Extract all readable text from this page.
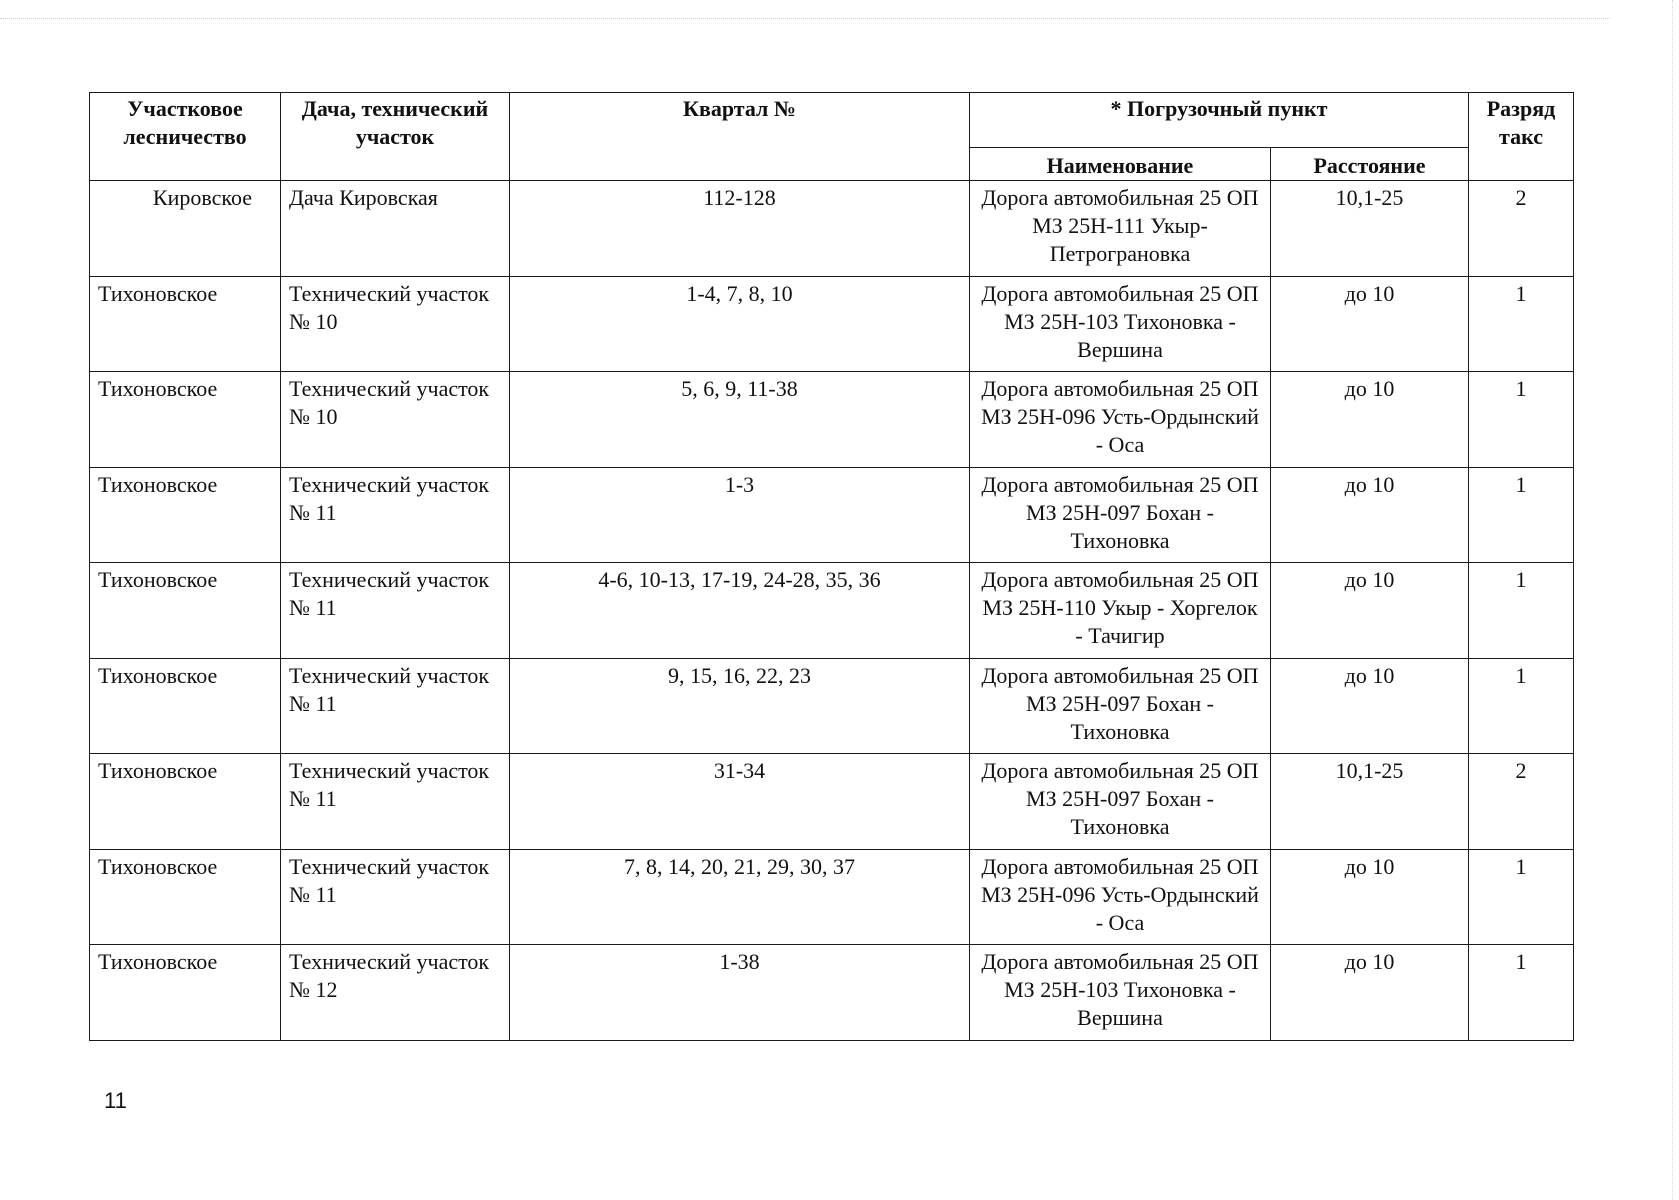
Участковое лесничество	Дача, технический участок	Квартал №	* Погрузочный пункт		Разряд такс
			Наименование	Расстояние	
Кировское	Дача Кировская	112-128	Дорога автомобильная 25 ОП МЗ 25Н-111 Укыр-Петрограновка	10,1-25	2
Тихоновское	Технический участок № 10	1-4, 7, 8, 10	Дорога автомобильная 25 ОП МЗ 25Н-103 Тихоновка - Вершина	до 10	1
Тихоновское	Технический участок № 10	5, 6, 9, 11-38	Дорога автомобильная 25 ОП МЗ 25Н-096 Усть-Ордынский - Оса	до 10	1
Тихоновское	Технический участок № 11	1-3	Дорога автомобильная 25 ОП МЗ 25Н-097 Бохан - Тихоновка	до 10	1
Тихоновское	Технический участок № 11	4-6, 10-13, 17-19, 24-28, 35, 36	Дорога автомобильная 25 ОП МЗ 25Н-110 Укыр - Хоргелок - Тачигир	до 10	1
Тихоновское	Технический участок № 11	9, 15, 16, 22, 23	Дорога автомобильная 25 ОП МЗ 25Н-097 Бохан - Тихоновка	до 10	1
Тихоновское	Технический участок № 11	31-34	Дорога автомобильная 25 ОП МЗ 25Н-097 Бохан - Тихоновка	10,1-25	2
Тихоновское	Технический участок № 11	7, 8, 14, 20, 21, 29, 30, 37	Дорога автомобильная 25 ОП МЗ 25Н-096 Усть-Ордынский - Оса	до 10	1
Тихоновское	Технический участок № 12	1-38	Дорога автомобильная 25 ОП МЗ 25Н-103 Тихоновка - Вершина	до 10	1
11
